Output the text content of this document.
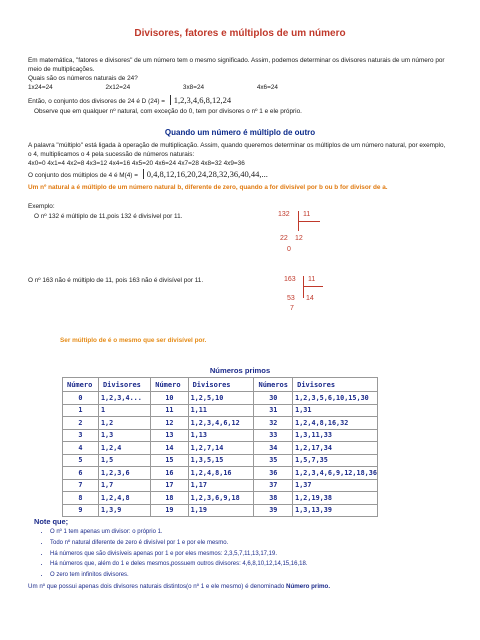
Divisores, fatores e múltiplos de um número
Em matemática, "fatores e divisores" de um número tem o mesmo significado. Assim, podemos determinar os divisores naturais de um número por meio de multiplicações.
Quais são os números naturais de 24?
1x24=24	2x12=24	3x8=24	4x6=24
Então, o conjunto dos divisores de 24 é D (24) = 1,2,3,4,6,8,12,24
Observe que em qualquer nº natural, com exceção do 0, tem por divisores o nº 1 e ele próprio.
Quando um número é múltiplo de outro
A palavra "múltiplo" está ligada à operação de multiplicação. Assim, quando queremos determinar os múltiplos de um número natural, por exemplo, o 4, multiplicamos o 4 pela sucessão de números naturais:
4x0=0 4x1=4 4x2=8 4x3=12 4x4=16 4x5=20 4x6=24 4x7=28 4x8=32 4x9=36
O conjunto dos múltiplos de 4 é M(4) = 0,4,8,12,16,20,24,28,32,36,40,44,...
Um nº natural a é múltiplo de um número natural b, diferente de zero, quando a for divisível por b ou b for divisor de a.
Exemplo:
O nº 132 é múltiplo de 11,pois 132 é divisível por 11.	132 11
22 12
0
O nº 163 não é múltiplo de 11, pois 163 não é divisível por 11.	163 11
53 14
7
Ser múltiplo de é o mesmo que ser divisível por.
Números primos
Número	Divisores	Número	Divisores	Números	Divisores
0	1,2,3,4...	10	1,2,5,10	30	1,2,3,5,6,10,15,30
1	1	11	1,11	31	1,31
2	1,2	12	1,2,3,4,6,12	32	1,2,4,8,16,32
3	1,3	13	1,13	33	1,3,11,33
4	1,2,4	14	1,2,7,14	34	1,2,17,34
5	1,5	15	1,3,5,15	35	1,5,7,35
6	1,2,3,6	16	1,2,4,8,16	36	1,2,3,4,6,9,12,18,36
7	1,7	17	1,17	37	1,37
8	1,2,4,8	18	1,2,3,6,9,18	38	1,2,19,38
9	1,3,9	19	1,19	39	1,3,13,39
Note que;
• O nº 1 tem apenas um divisor: o próprio 1.
• Todo nº natural diferente de zero é divisível por 1 e por ele mesmo.
• Há números que são divisíveis apenas por 1 e por eles mesmos: 2,3,5,7,11,13,17,19.
• Há números que, além do 1 e deles mesmos,possuem outros divisores: 4,6,8,10,12,14,15,16,18.
• O zero tem infinitos divisores.
Um nº que possui apenas dois divisores naturais distintos(o nº 1 e ele mesmo) é denominado Número primo.
